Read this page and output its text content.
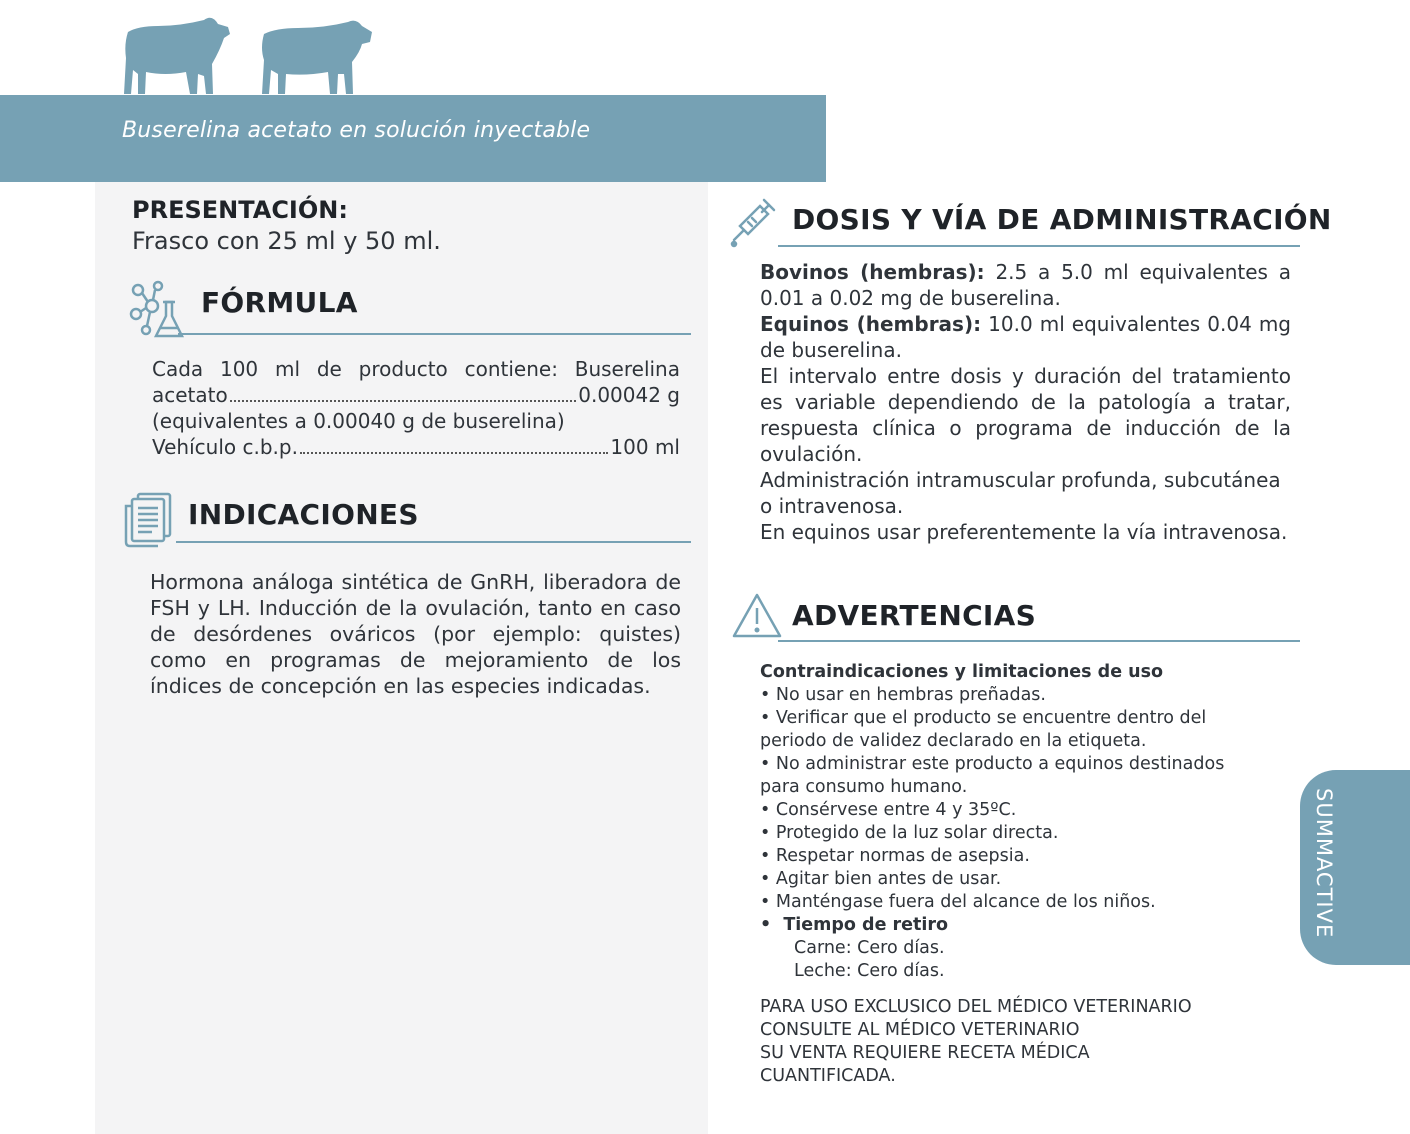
Buserelina acetato en solución inyectable
PRESENTACIÓN:
Frasco con 25 ml y 50 ml.
FÓRMULA
Cada 100 ml de producto contiene: Buserelina
acetato	0.00042 g
(equivalentes a 0.00040 g de buserelina)
Vehículo c.b.p.	100 ml
INDICACIONES
Hormona análoga sintética de GnRH, liberadora de FSH y LH. Inducción de la ovulación, tanto en caso de desórdenes ováricos (por ejemplo: quistes) como en programas de mejoramiento de los índices de concepción en las especies indicadas.
DOSIS Y VÍA DE ADMINISTRACIÓN

Bovinos (hembras): 2.5 a 5.0 ml equivalentes a 0.01 a 0.02 mg de buserelina.

Equinos (hembras): 10.0 ml equivalentes 0.04 mg de buserelina.

El intervalo entre dosis y duración del tratamiento es variable dependiendo de la patología a tratar, respuesta clínica o programa de inducción de la ovulación.

Administración intramuscular profunda, subcutánea o intravenosa.

En equinos usar preferentemente la vía intravenosa.

ADVERTENCIAS
Contraindicaciones y limitaciones de uso
• No usar en hembras preñadas.
• Verificar que el producto se encuentre dentro del
periodo de validez declarado en la etiqueta.
• No administrar este producto a equinos destinados
para consumo humano.
• Consérvese entre 4 y 35ºC.
• Protegido de la luz solar directa.
• Respetar normas de asepsia.
• Agitar bien antes de usar.
• Manténgase fuera del alcance de los niños.
•  Tiempo de retiro
Carne: Cero días.
Leche: Cero días.
PARA USO EXCLUSICO DEL MÉDICO VETERINARIO
CONSULTE AL MÉDICO VETERINARIO
SU VENTA REQUIERE RECETA MÉDICA
CUANTIFICADA.
SUMMACTIVE
